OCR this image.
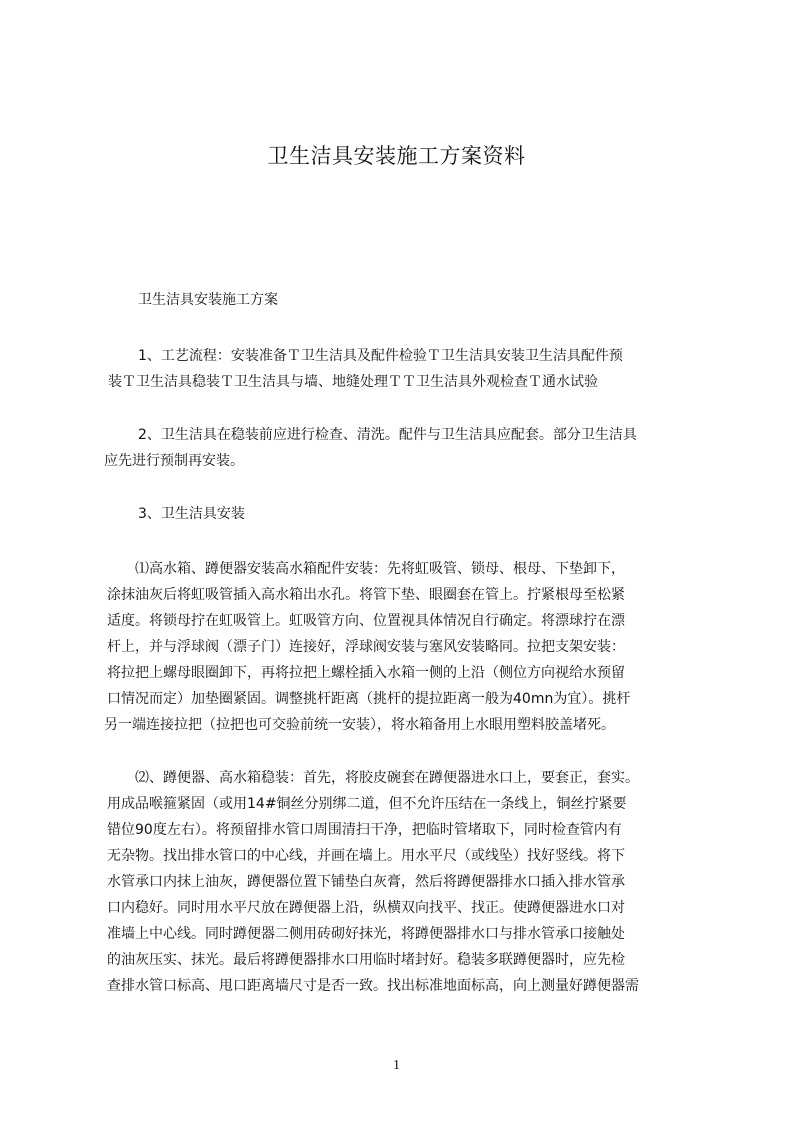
卫生洁具安装施工方案资料
卫生洁具安装施工方案
1、工艺流程：安装准备Ｔ卫生洁具及配件检验Ｔ卫生洁具安装卫生洁具配件预
装Ｔ卫生洁具稳装Ｔ卫生洁具与墙、地缝处理ＴＴ卫生洁具外观检查Ｔ通水试验
2、卫生洁具在稳装前应进行检查、清洗。配件与卫生洁具应配套。部分卫生洁具
应先进行预制再安装。
3、卫生洁具安装
⑴高水箱、蹲便器安装高水箱配件安装：先将虹吸管、锁母、根母、下垫卸下，
涂抹油灰后将虹吸管插入高水箱出水孔。将管下垫、眼圈套在管上。拧紧根母至松紧
适度。将锁母拧在虹吸管上。虹吸管方向、位置视具体情况自行确定。将漂球拧在漂
杆上，并与浮球阀（漂子门）连接好，浮球阀安装与塞风安装略同。拉把支架安装：
将拉把上螺母眼圈卸下，再将拉把上螺栓插入水箱一侧的上沿（侧位方向视给水预留
口情况而定）加垫圈紧固。调整挑杆距离（挑杆的提拉距离一般为40mn为宜）。挑杆
另一端连接拉把（拉把也可交验前统一安装），将水箱备用上水眼用塑料胶盖堵死。
⑵、蹲便器、高水箱稳装：首先，将胶皮碗套在蹲便器进水口上，要套正，套实。
用成品喉箍紧固（或用14#铜丝分别绑二道，但不允许压结在一条线上，铜丝拧紧要
错位90度左右）。将预留排水管口周围清扫干净，把临时管堵取下，同时检查管内有
无杂物。找出排水管口的中心线，并画在墙上。用水平尺（或线坠）找好竖线。将下
水管承口内抹上油灰，蹲便器位置下铺垫白灰膏，然后将蹲便器排水口插入排水管承
口内稳好。同时用水平尺放在蹲便器上沿，纵横双向找平、找正。使蹲便器进水口对
准墙上中心线。同时蹲便器二侧用砖砌好抹光，将蹲便器排水口与排水管承口接触处
的油灰压实、抹光。最后将蹲便器排水口用临时堵封好。稳装多联蹲便器时，应先检
查排水管口标高、甩口距离墙尺寸是否一致。找出标准地面标高，向上测量好蹲便器需
1
